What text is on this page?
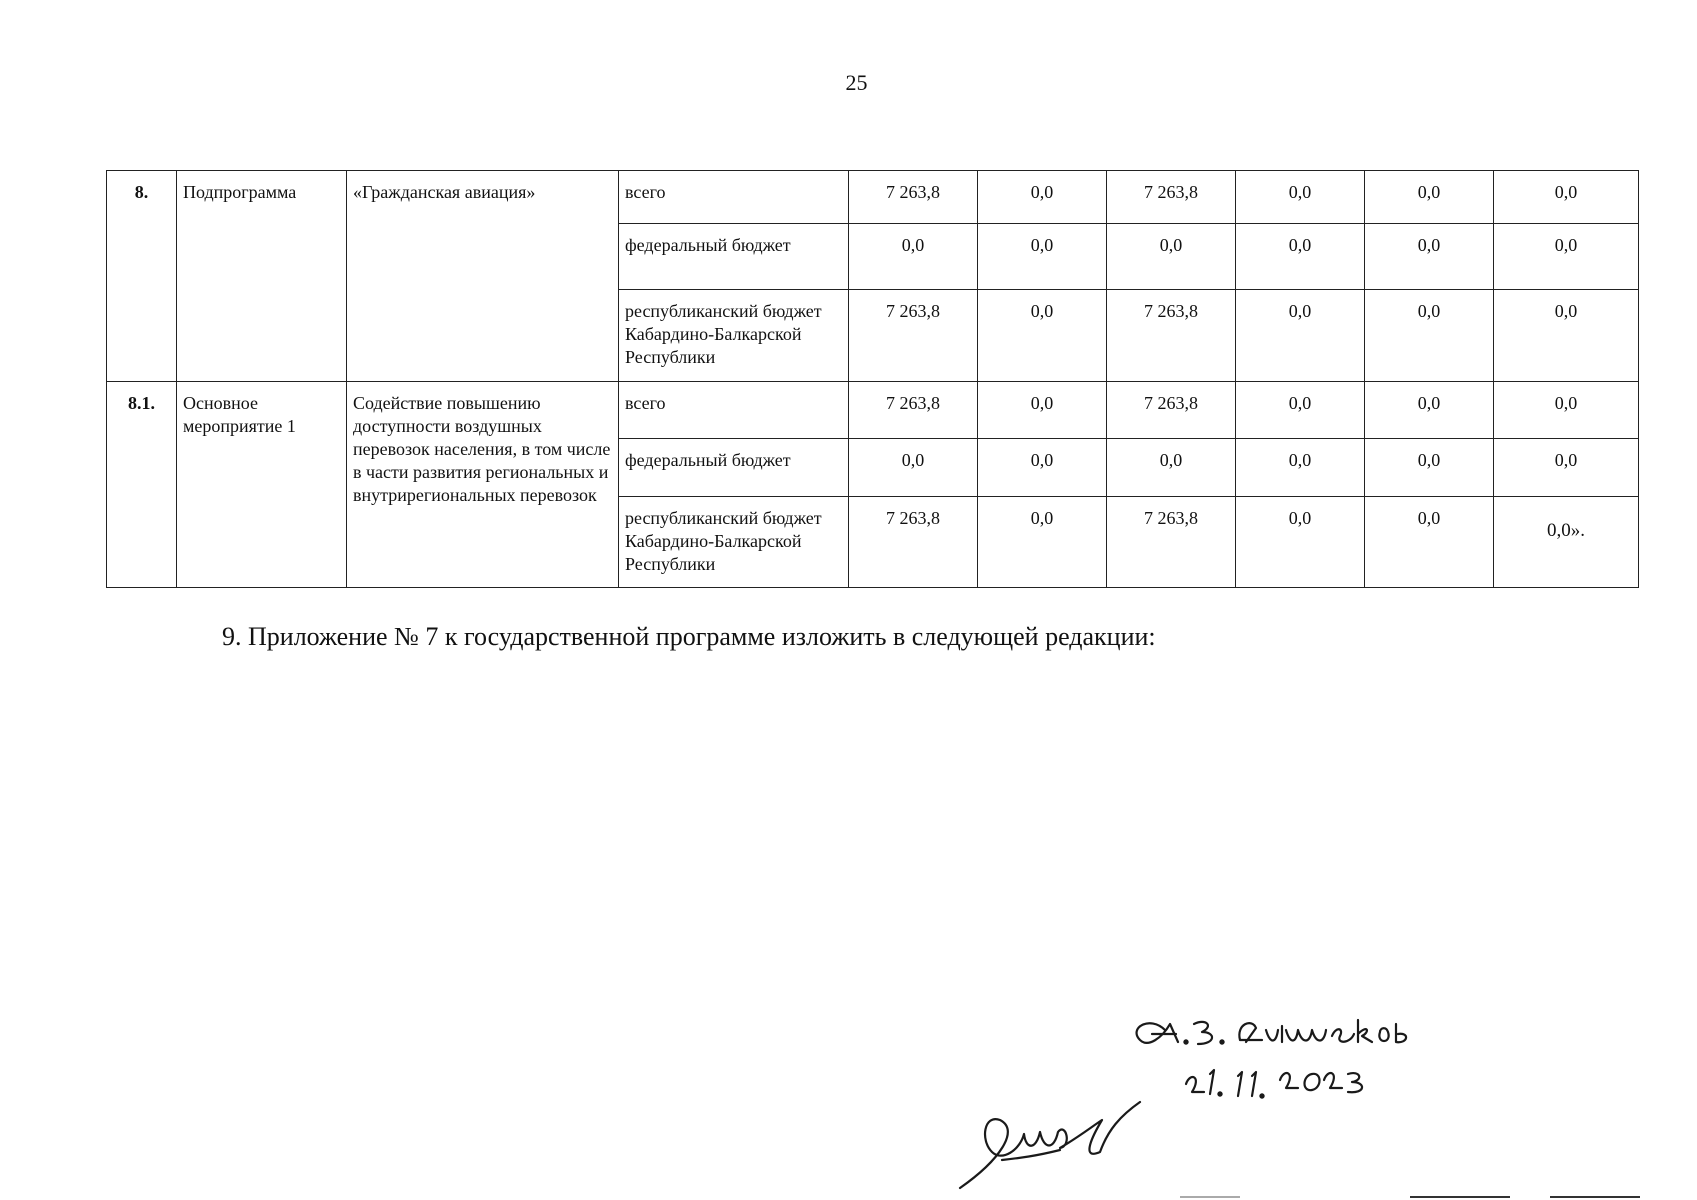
25
8.	Подпрограмма	«Гражданская авиация»	всего	7 263,8	0,0	7 263,8	0,0	0,0	0,0
			федеральный бюджет	0,0	0,0	0,0	0,0	0,0	0,0
			республиканский бюджет Кабардино-Балкарской Республики	7 263,8	0,0	7 263,8	0,0	0,0	0,0
8.1.	Основное мероприятие 1	Содействие повышению доступности воздушных перевозок населения, в том числе в части развития региональных и внутрирегиональных перевозок	всего	7 263,8	0,0	7 263,8	0,0	0,0	0,0
			федеральный бюджет	0,0	0,0	0,0	0,0	0,0	0,0
			республиканский бюджет Кабардино-Балкарской Республики	7 263,8	0,0	7 263,8	0,0	0,0	0,0».
9. Приложение № 7 к государственной программе изложить в следующей редакции:
